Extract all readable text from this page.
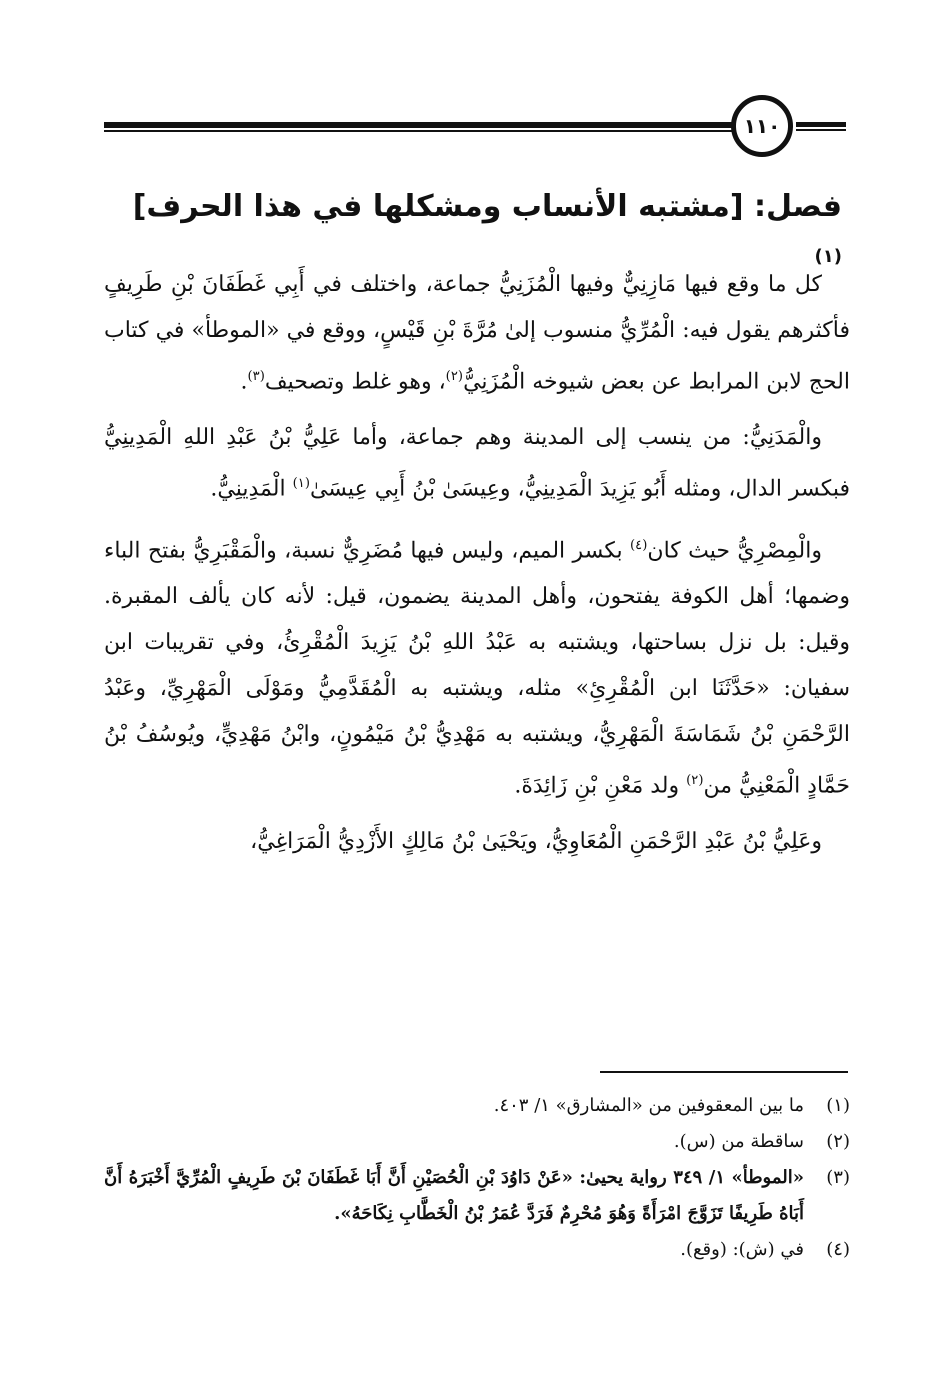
١١٠
فصل: [مشتبه الأنساب ومشكلها في هذا الحرف]$^{(١)}$

كل ما وقع فيها مَازِنِيٌّ وفيها الْمُزَنِيُّ جماعة، واختلف في أَبِي غَطَفَانَ بْنِ طَرِيفٍ فأكثرهم يقول فيه: الْمُرِّيُّ منسوب إلىٰ مُرَّةَ بْنِ قَيْسٍ، ووقع في «الموطأ» في كتاب الحج لابن المرابط عن بعض شيوخه الْمُزَنِيُّ$^{(٢)}$، وهو غلط وتصحيف$^{(٣)}$.

والْمَدَنِيُّ: من ينسب إلى المدينة وهم جماعة، وأما عَلِيُّ بْنُ عَبْدِ اللهِ الْمَدِينِيُّ فبكسر الدال، ومثله أَبُو يَزِيدَ الْمَدِينِيُّ، وعِيسَىٰ بْنُ أَبِي عِيسَىٰ$^{(١)}$ الْمَدِينِيُّ.

والْمِصْرِيُّ حيث كان$^{(٤)}$ بكسر الميم، وليس فيها مُضَرِيٌّ نسبة، والْمَقْبَرِيُّ بفتح الباء وضمها؛ أهل الكوفة يفتحون، وأهل المدينة يضمون، قيل: لأنه كان يألف المقبرة. وقيل: بل نزل بساحتها، ويشتبه به عَبْدُ اللهِ بْنُ يَزِيدَ الْمُقْرِئُ، وفي تقريبات ابن سفيان: «حَدَّثَنَا ابن الْمُقْرِئِ» مثله، ويشتبه به الْمُقَدَّمِيُّ ومَوْلَى الْمَهْرِيِّ، وعَبْدُ الرَّحْمَنِ بْنُ شَمَاسَةَ الْمَهْرِيُّ، ويشتبه به مَهْدِيُّ بْنُ مَيْمُونٍ، وابْنُ مَهْدِيٍّ، ويُوسُفُ بْنُ حَمَّادٍ الْمَعْنِيُّ من$^{(٢)}$ ولد مَعْنِ بْنِ زَائِدَةَ.

وعَلِيُّ بْنُ عَبْدِ الرَّحْمَنِ الْمُعَاوِيُّ، ويَحْيَىٰ بْنُ مَالِكٍ الأَزْدِيُّ الْمَرَاغِيُّ،

(١)
ما بين المعقوفين من «المشارق» ١/ ٤٠٣.
(٢)
ساقطة من (س).
(٣)
«الموطأ» ١/ ٣٤٩ رواية يحيىٰ: «عَنْ دَاوُدَ بْنِ الْحُصَيْنِ أَنَّ أَبَا غَطَفَانَ بْنَ طَرِيفٍ الْمُرِّيَّ أَخْبَرَهُ أَنَّ أَبَاهُ طَرِيفًا تَزَوَّجَ امْرَأَةً وَهُوَ مُحْرِمٌ فَرَدَّ عُمَرُ بْنُ الْخَطَّابِ نِكَاحَهُ».
(٤)
في (ش): (وقع).
